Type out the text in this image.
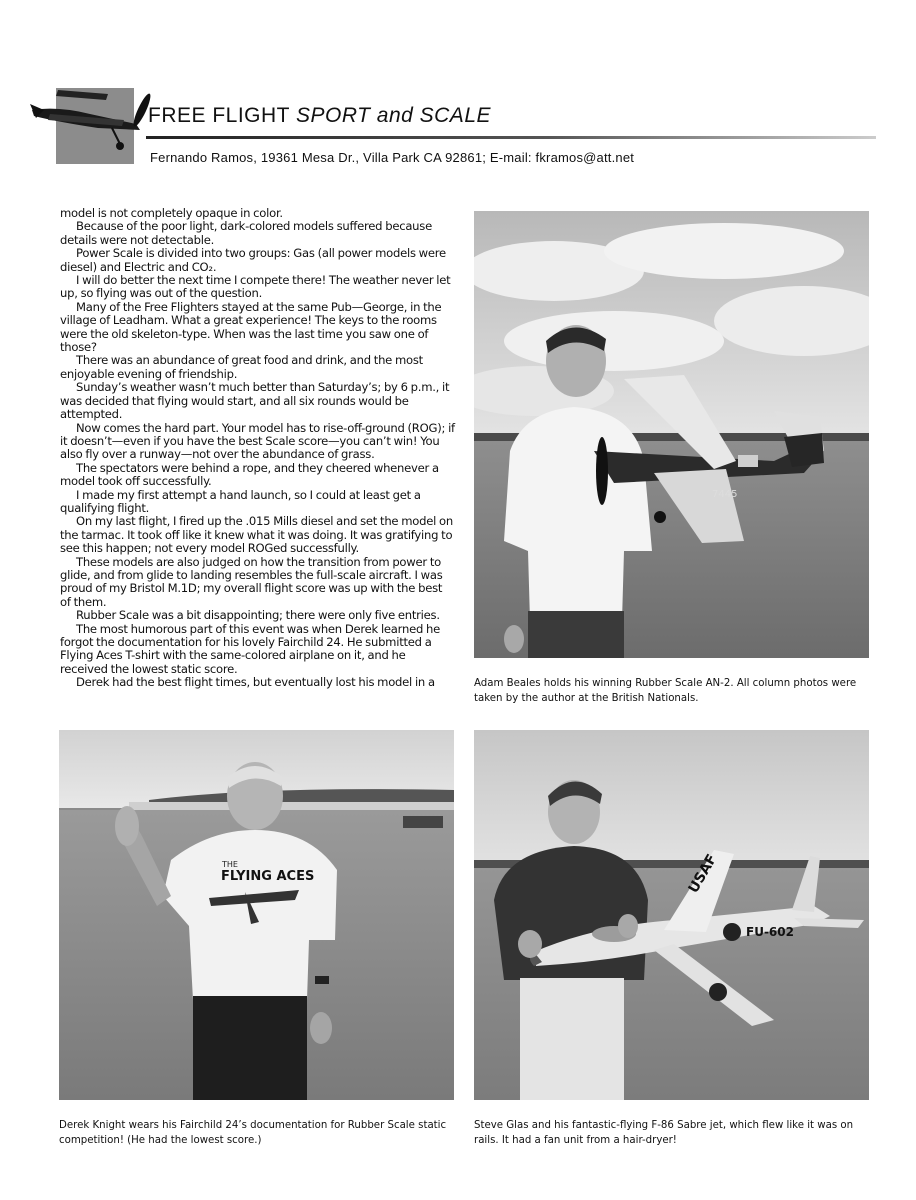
FREE FLIGHT SPORT and SCALE
Fernando Ramos, 19361 Mesa Dr., Villa Park CA 92861; E-mail: fkramos@att.net

model is not completely opaque in color.

Because of the poor light, dark-colored models suffered because details were not detectable.

Power Scale is divided into two groups: Gas (all power models were diesel) and Electric and CO₂.

I will do better the next time I compete there! The weather never let up, so flying was out of the question.

Many of the Free Flighters stayed at the same Pub—George, in the village of Leadham. What a great experience! The keys to the rooms were the old skeleton-type. When was the last time you saw one of those?

There was an abundance of great food and drink, and the most enjoyable evening of friendship.

Sunday’s weather wasn’t much better than Saturday’s; by 6 p.m., it was decided that flying would start, and all six rounds would be attempted.

Now comes the hard part. Your model has to rise-off-ground (ROG); if it doesn’t—even if you have the best Scale score—you can’t win! You also fly over a runway—not over the abundance of grass.

The spectators were behind a rope, and they cheered whenever a model took off successfully.

I made my first attempt a hand launch, so I could at least get a qualifying flight.

On my last flight, I fired up the .015 Mills diesel and set the model on the tarmac. It took off like it knew what it was doing. It was gratifying to see this happen; not every model ROGed successfully.

These models are also judged on how the transition from power to glide, and from glide to landing resembles the full-scale aircraft. I was proud of my Bristol M.1D; my overall flight score was up with the best of them.

Rubber Scale was a bit disappointing; there were only five entries.

The most humorous part of this event was when Derek learned he forgot the documentation for his lovely Fairchild 24. He submitted a Flying Aces T-shirt with the same-colored airplane on it, and he received the lowest static score.

Derek had the best flight times, but eventually lost his model in a

7445
Adam Beales holds his winning Rubber Scale AN-2. All column photos were taken by the author at the British Nationals.
THE
FLYING ACES
Derek Knight wears his Fairchild 24’s documentation for Rubber Scale static competition! (He had the lowest score.)
USAF
FU-602
Steve Glas and his fantastic-flying F-86 Sabre jet, which flew like it was on rails. It had a fan unit from a hair-dryer!
